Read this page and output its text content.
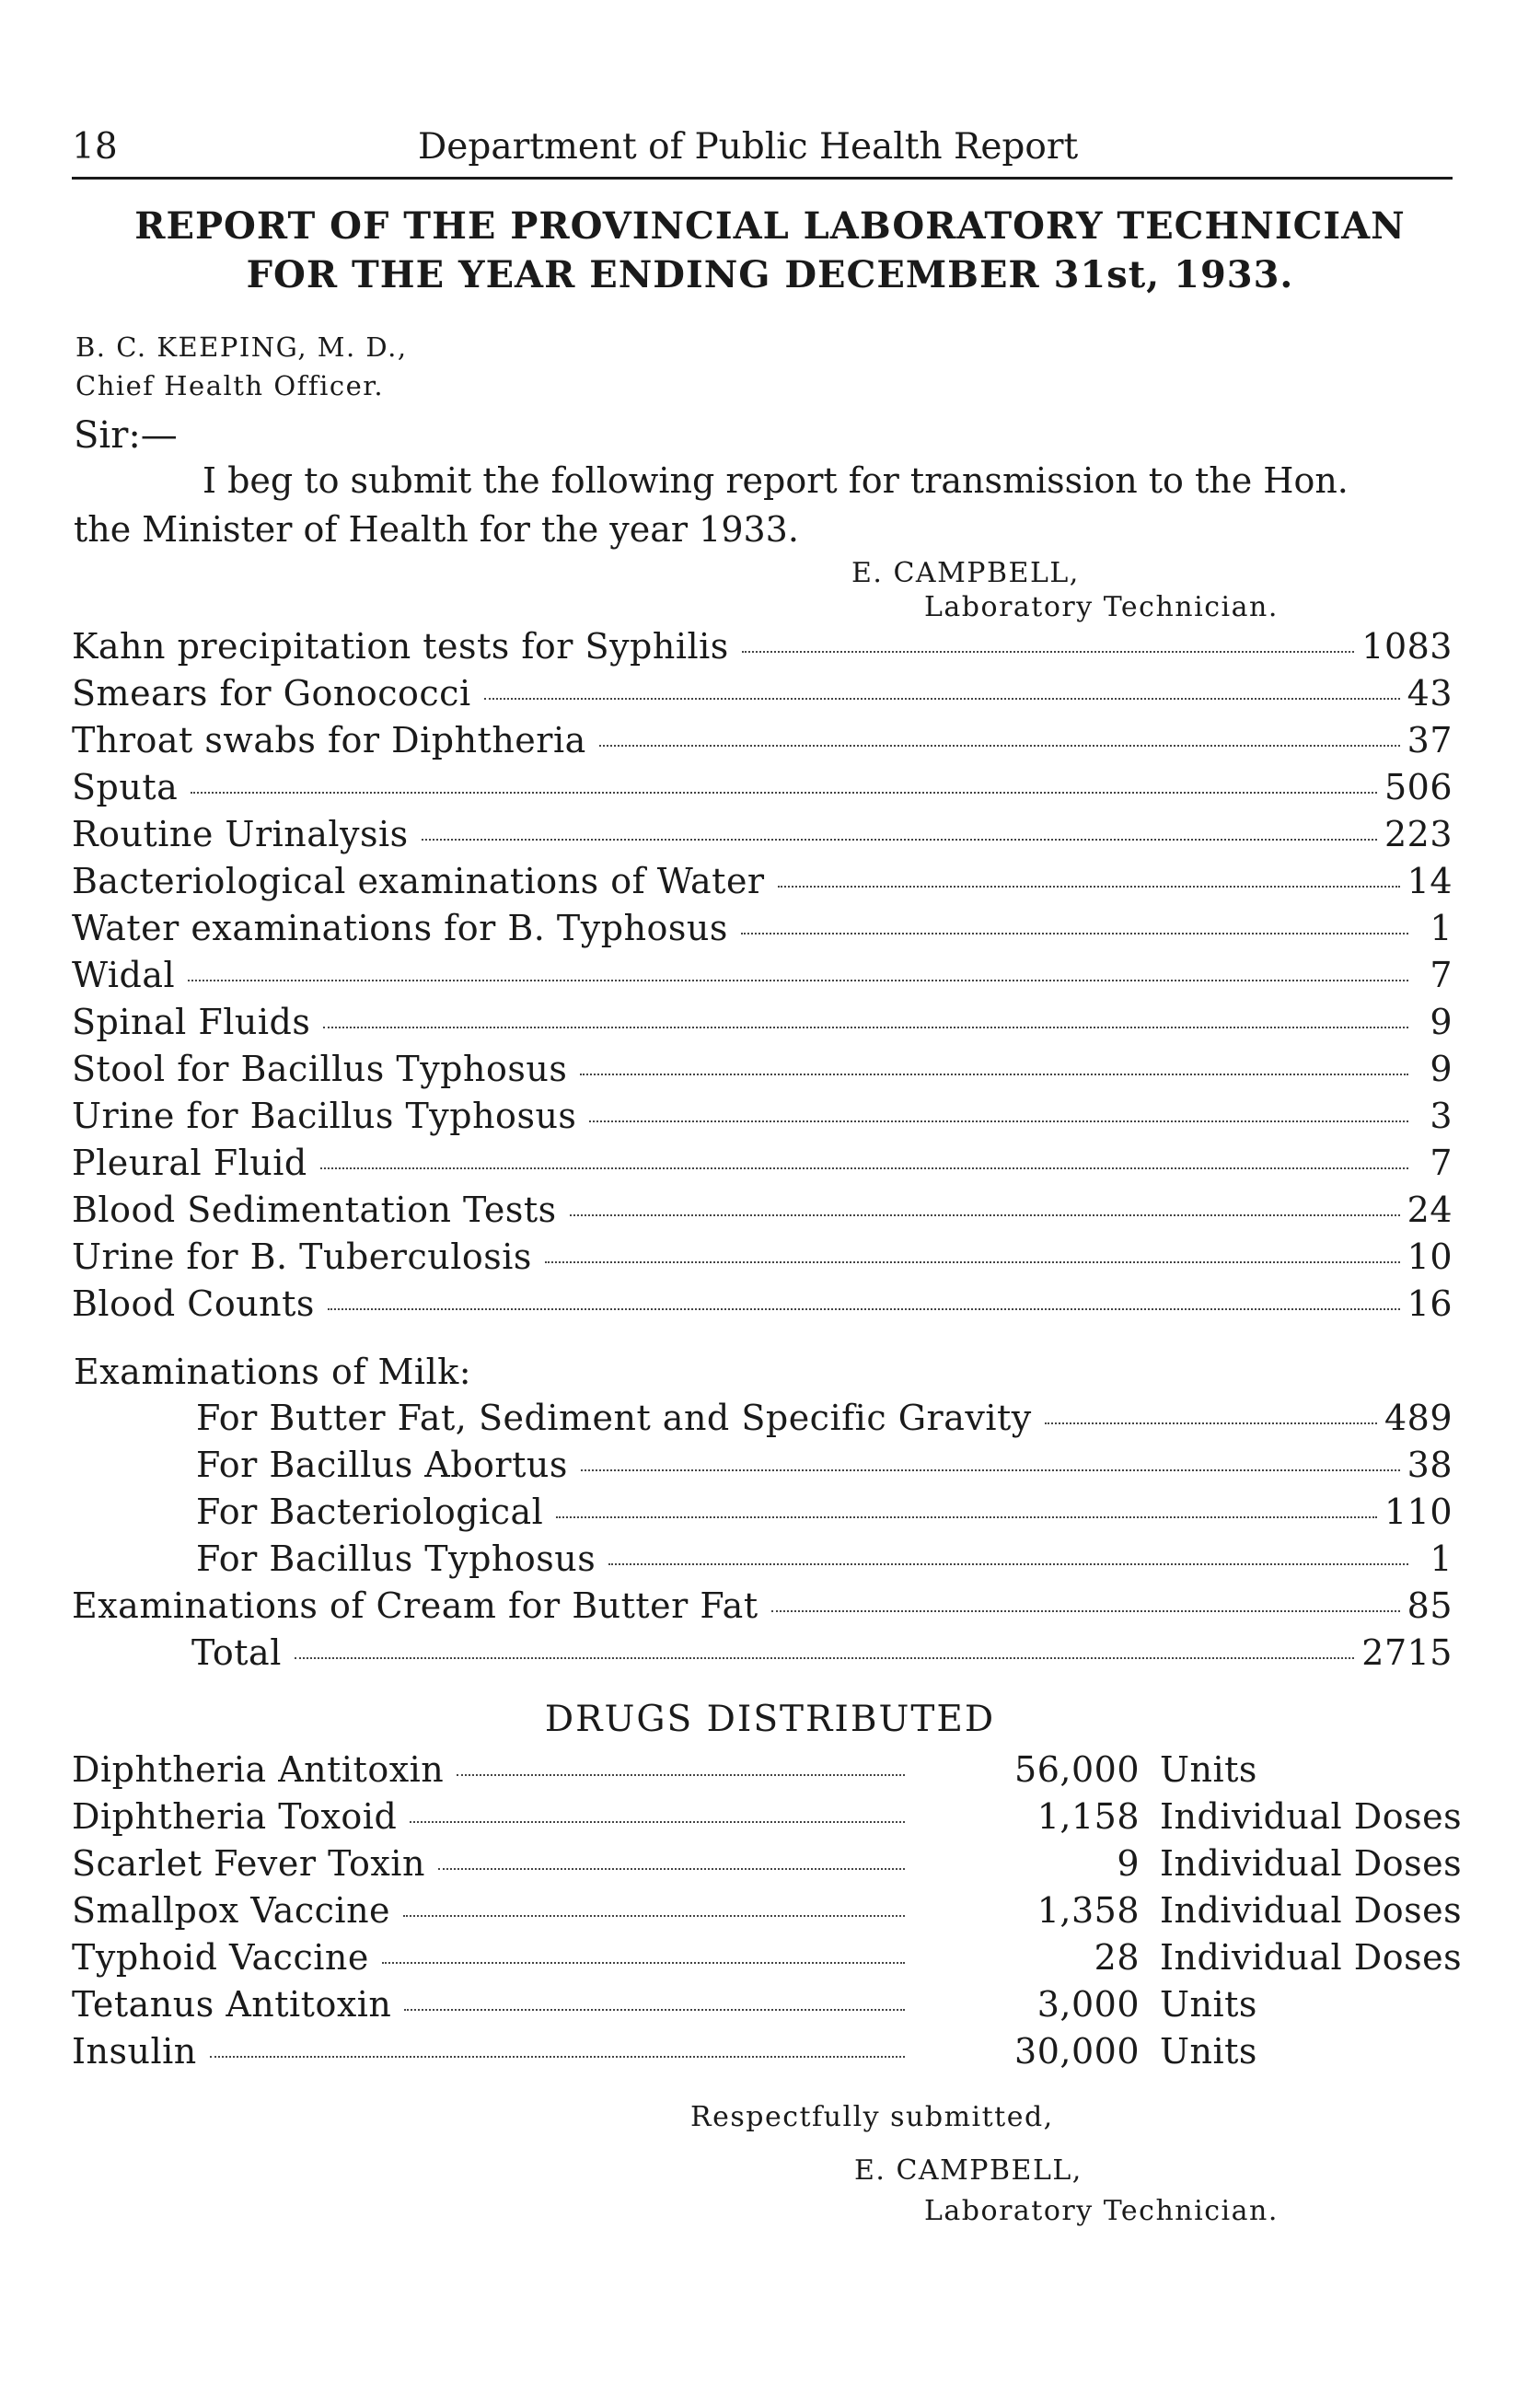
18	Department of Public Health Report
REPORT OF THE PROVINCIAL LABORATORY TECHNICIAN
FOR THE YEAR ENDING DECEMBER 31st, 1933.
B. C. KEEPING, M. D.,
Chief Health Officer.
Sir:—
I beg to submit the following report for transmission to the Hon.
the Minister of Health for the year 1933.
E. CAMPBELL,
Laboratory Technician.
Kahn precipitation tests for Syphilis	1083
Smears for Gonococci	43
Throat swabs for Diphtheria	37
Sputa	506
Routine Urinalysis	223
Bacteriological examinations of Water	14
Water examinations for B. Typhosus	1
Widal	7
Spinal Fluids	9
Stool for Bacillus Typhosus	9
Urine for Bacillus Typhosus	3
Pleural Fluid	7
Blood Sedimentation Tests	24
Urine for B. Tuberculosis	10
Blood Counts	16
Examinations of Milk:
For Butter Fat, Sediment and Specific Gravity	489
For Bacillus Abortus	38
For Bacteriological	110
For Bacillus Typhosus	1
Examinations of Cream for Butter Fat	85
Total	2715
DRUGS DISTRIBUTED
Diphtheria Antitoxin	56,000 Units
Diphtheria Toxoid	1,158 Individual Doses
Scarlet Fever Toxin	9 Individual Doses
Smallpox Vaccine	1,358 Individual Doses
Typhoid Vaccine	28 Individual Doses
Tetanus Antitoxin	3,000 Units
Insulin	30,000 Units
Respectfully submitted,
E. CAMPBELL,
Laboratory Technician.
